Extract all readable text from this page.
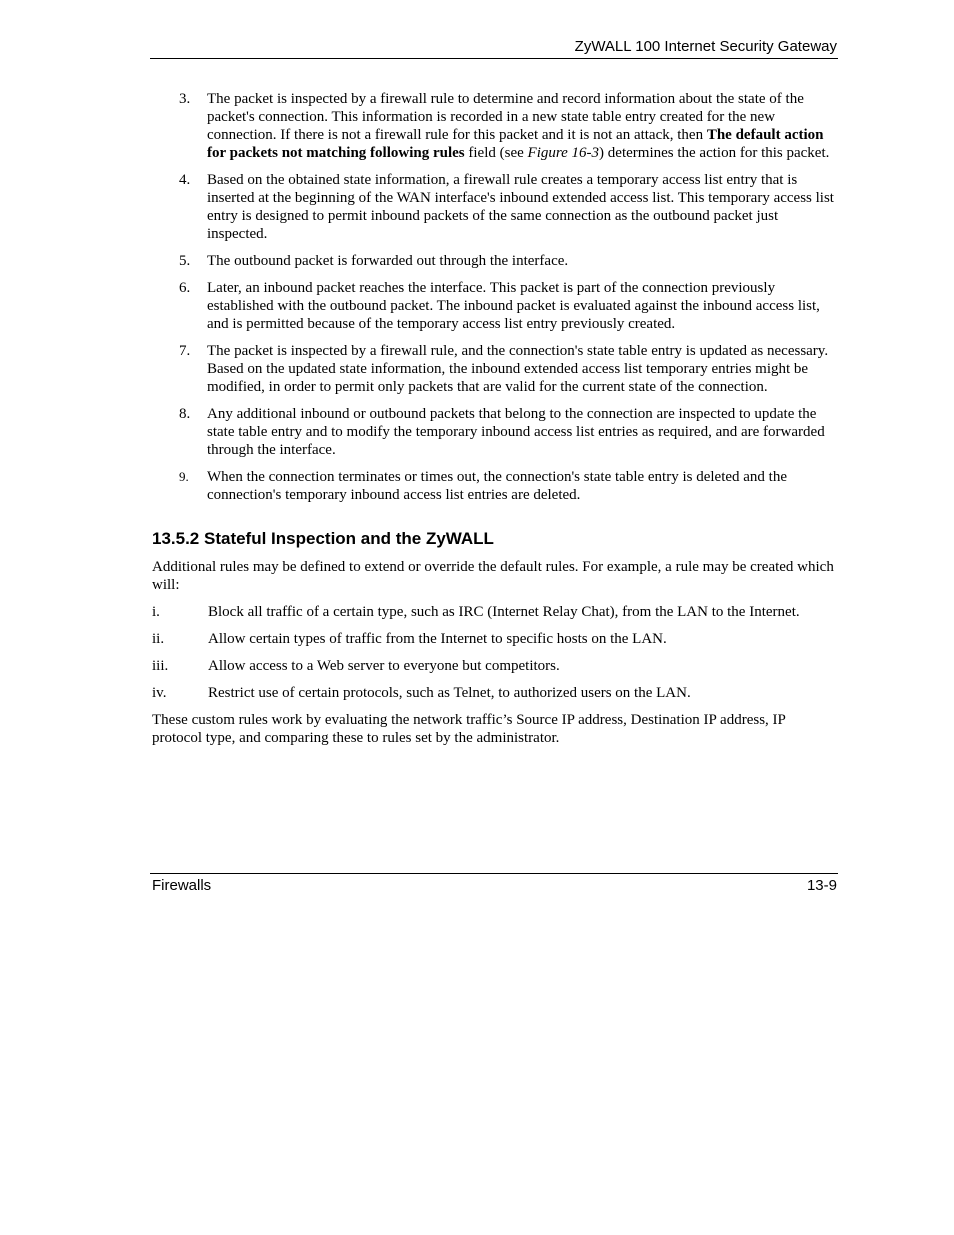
ZyWALL 100 Internet Security Gateway
3.	The packet is inspected by a firewall rule to determine and record information about the state of the packet's connection. This information is recorded in a new state table entry created for the new connection. If there is not a firewall rule for this packet and it is not an attack, then The default action for packets not matching following rules field (see Figure 16-3) determines the action for this packet.
4.	Based on the obtained state information, a firewall rule creates a temporary access list entry that is inserted at the beginning of the WAN interface's inbound extended access list. This temporary access list entry is designed to permit inbound packets of the same connection as the outbound packet just inspected.
5.	The outbound packet is forwarded out through the interface.
6.	Later, an inbound packet reaches the interface. This packet is part of the connection previously established with the outbound packet. The inbound packet is evaluated against the inbound access list, and is permitted because of the temporary access list entry previously created.
7.	The packet is inspected by a firewall rule, and the connection's state table entry is updated as necessary. Based on the updated state information, the inbound extended access list temporary entries might be modified, in order to permit only packets that are valid for the current state of the connection.
8.	Any additional inbound or outbound packets that belong to the connection are inspected to update the state table entry and to modify the temporary inbound access list entries as required, and are forwarded through the interface.
9.	When the connection terminates or times out, the connection's state table entry is deleted and the connection's temporary inbound access list entries are deleted.
13.5.2 Stateful Inspection and the ZyWALL
Additional rules may be defined to extend or override the default rules. For example, a rule may be created which will:
i.	Block all traffic of a certain type, such as IRC (Internet Relay Chat), from the LAN to the Internet.
ii.	Allow certain types of traffic from the Internet to specific hosts on the LAN.
iii.	Allow access to a Web server to everyone but competitors.
iv.	Restrict use of certain protocols, such as Telnet, to authorized users on the LAN.
These custom rules work by evaluating the network traffic’s Source IP address, Destination IP address, IP protocol type, and comparing these to rules set by the administrator.
Firewalls	13-9
